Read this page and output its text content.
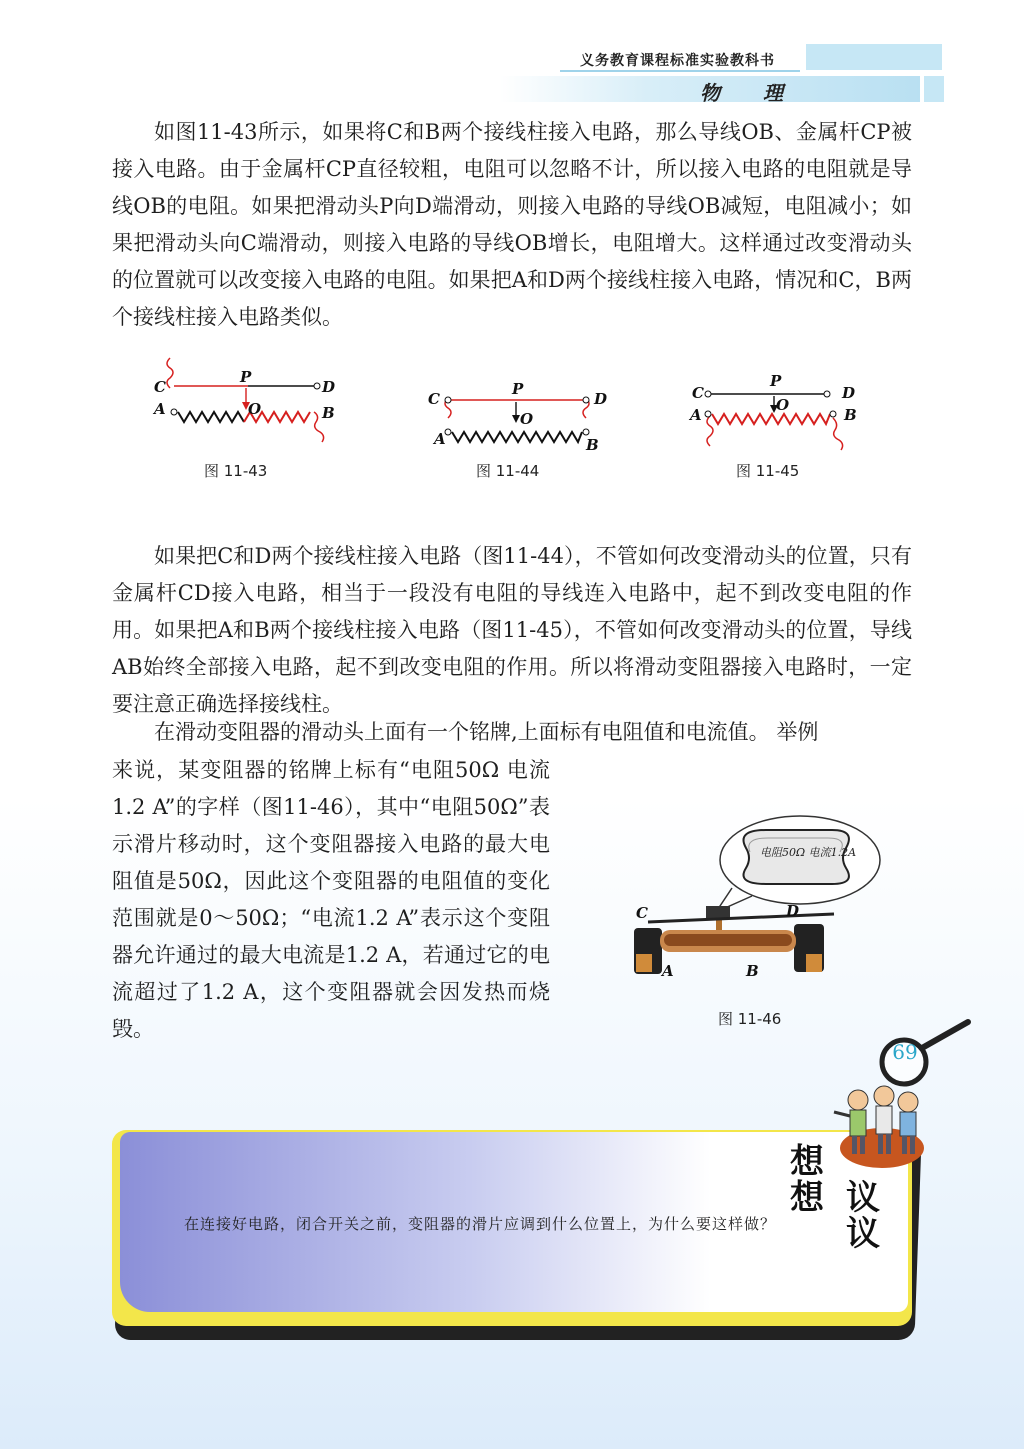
义务教育课程标准实验教科书
物 理

如图11-43所示，如果将C和B两个接线柱接入电路，那么导线OB、金属杆CP被接入电路。由于金属杆CP直径较粗，电阻可以忽略不计，所以接入电路的电阻就是导线OB的电阻。如果把滑动头P向D端滑动，则接入电路的导线OB减短，电阻减小；如果把滑动头向C端滑动，则接入电路的导线OB增长，电阻增大。这样通过改变滑动头的位置就可以改变接入电路的电阻。如果把A和D两个接线柱接入电路，情况和C，B两个接线柱接入电路类似。

C	D
P
O
A	B
图 11-43
C	D
P
O
A	B
图 11-44
C	D
P
O
A	B
图 11-45

如果把C和D两个接线柱接入电路（图11-44），不管如何改变滑动头的位置，只有金属杆CD接入电路，相当于一段没有电阻的导线连入电路中，起不到改变电阻的作用。如果把A和B两个接线柱接入电路（图11-45），不管如何改变滑动头的位置，导线AB始终全部接入电路，起不到改变电阻的作用。所以将滑动变阻器接入电路时，一定要注意正确选择接线柱。

在滑动变阻器的滑动头上面有一个铭牌,上面标有电阻值和电流值。 举例

来说，某变阻器的铭牌上标有“电阻50Ω 电流1.2 A”的字样（图11-46），其中“电阻50Ω”表示滑片移动时，这个变阻器接入电路的最大电阻值是50Ω，因此这个变阻器的电阻值的变化范围就是0～50Ω；“电流1.2 A”表示这个变阻器允许通过的最大电流是1.2 A，若通过它的电流超过了1.2 A，这个变阻器就会因发热而烧毁。

电阻50Ω 电流1.2A
C	D
A	B
图 11-46
想
想 议
议

在连接好电路，闭合开关之前，变阻器的滑片应调到什么位置上，为什么要这样做？

69
